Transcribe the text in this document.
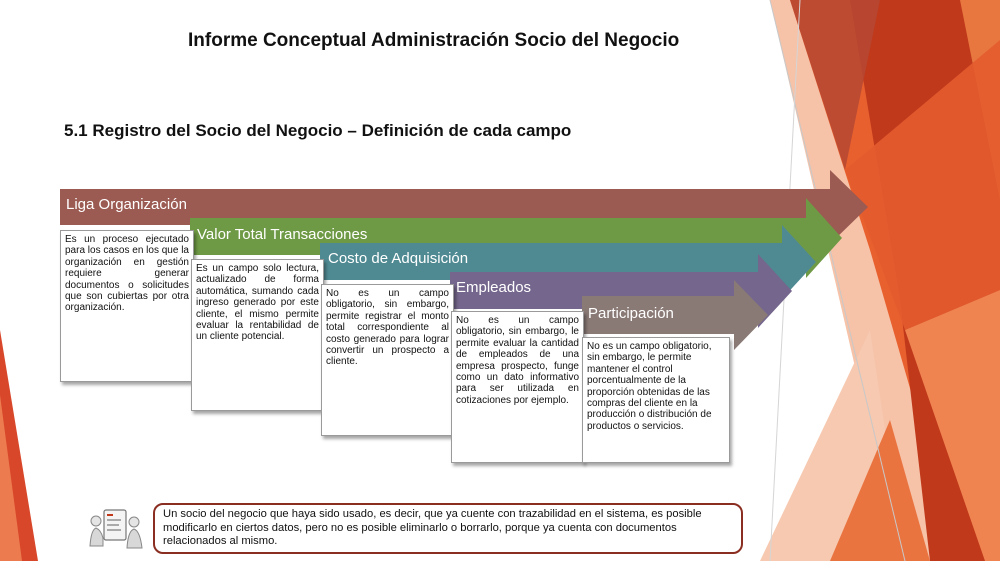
Informe Conceptual Administración Socio del Negocio
5.1 Registro del Socio del Negocio – Definición de cada campo
Liga Organización
Valor Total Transacciones
Costo de Adquisición
Empleados
Participación
Es un proceso ejecutado para los casos en los que la organización en gestión requiere generar documentos o solicitudes que son cubiertas por otra organización.
Es un campo solo lectura, actualizado de forma automática, sumando cada ingreso generado por este cliente, el mismo permite evaluar la rentabilidad de un cliente potencial.
No es un campo obligatorio, sin embargo, permite registrar el monto total correspondiente al costo generado para lograr convertir un prospecto a cliente.
No es un campo obligatorio, sin embargo, le permite evaluar la cantidad de empleados de una empresa prospecto, funge como un dato informativo para ser utilizada en cotizaciones por ejemplo.
No es un campo obligatorio, sin embargo, le permite mantener el control porcentualmente de la proporción obtenidas de las compras del cliente en la producción o distribución de productos o servicios.
Un socio del negocio que haya sido usado, es decir, que ya cuente con trazabilidad en el sistema, es posible modificarlo en ciertos datos, pero no es posible eliminarlo o borrarlo, porque ya cuenta con documentos relacionados al mismo.
